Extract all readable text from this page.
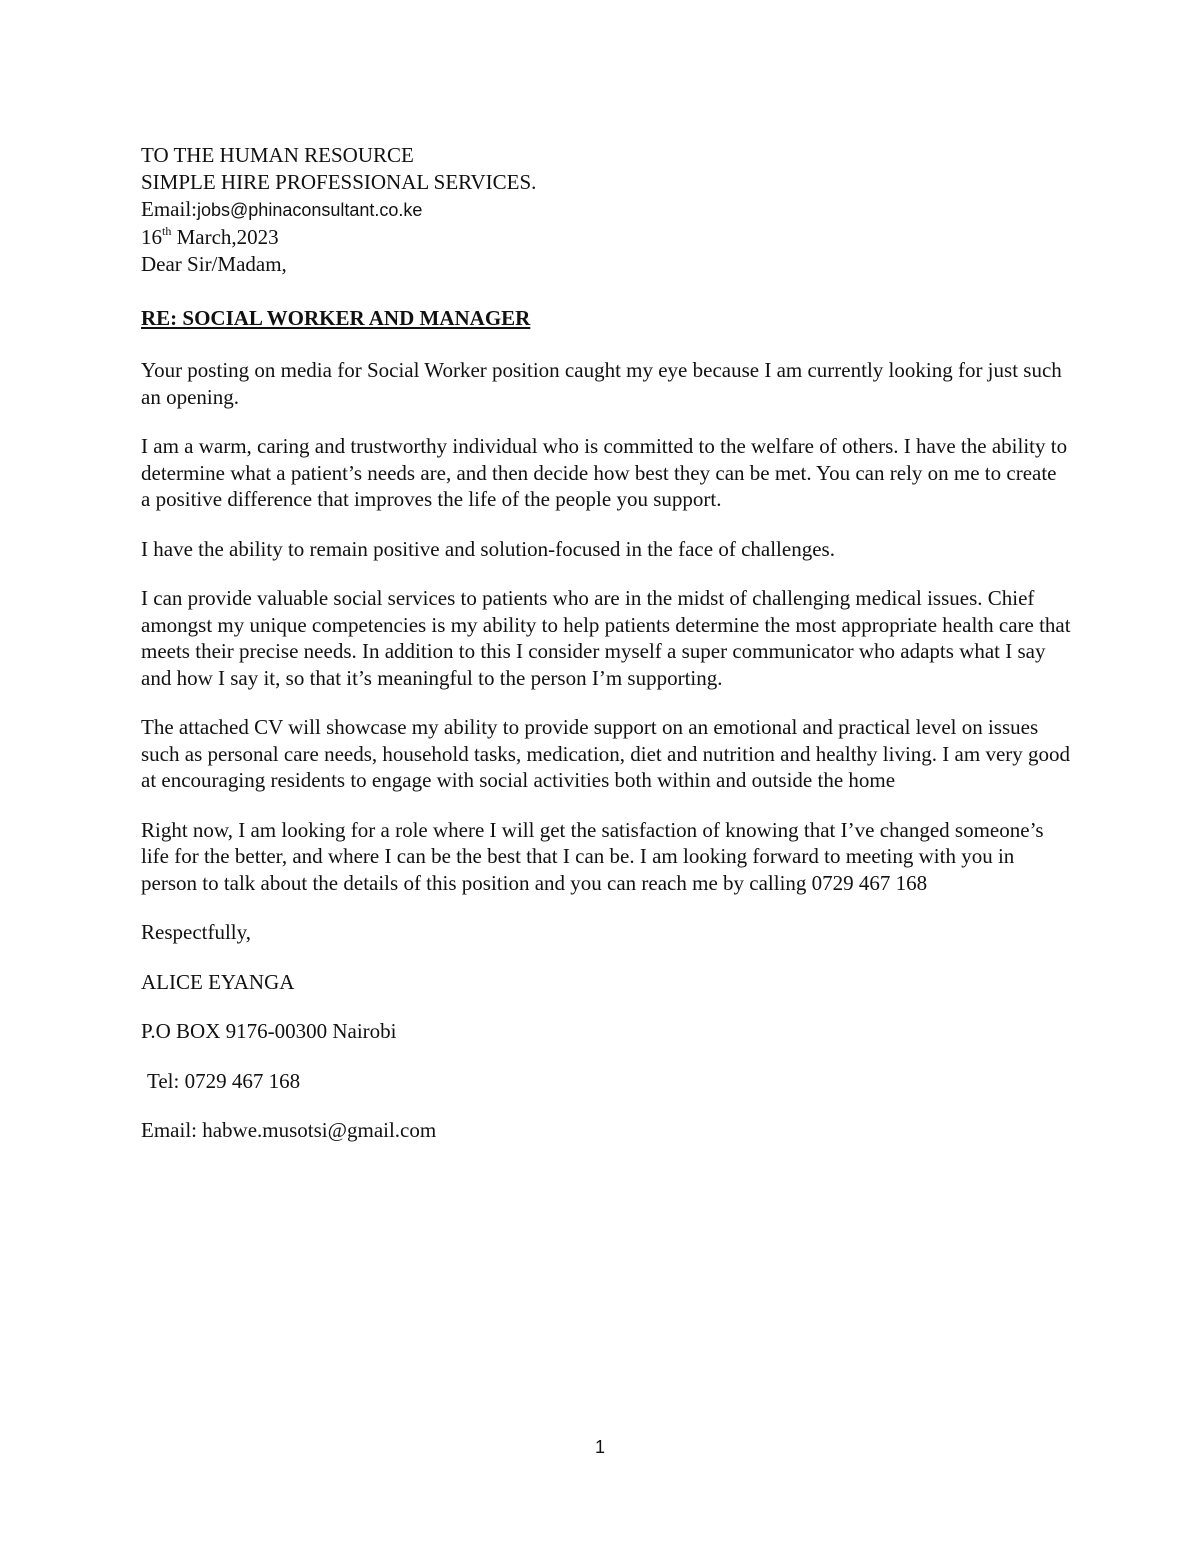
TO THE HUMAN RESOURCE
SIMPLE HIRE PROFESSIONAL SERVICES.
Email:jobs@phinaconsultant.co.ke
16th March,2023
Dear Sir/Madam,
RE: SOCIAL WORKER AND MANAGER
Your posting on media for Social Worker position caught my eye because I am currently looking for just such an opening.
I am a warm, caring and trustworthy individual who is committed to the welfare of others. I have the ability to determine what a patient’s needs are, and then decide how best they can be met. You can rely on me to create a positive difference that improves the life of the people you support.
I have the ability to remain positive and solution-focused in the face of challenges.
I can provide valuable social services to patients who are in the midst of challenging medical issues. Chief amongst my unique competencies is my ability to help patients determine the most appropriate health care that meets their precise needs. In addition to this I consider myself a super communicator who adapts what I say and how I say it, so that it’s meaningful to the person I’m supporting.
The attached CV will showcase my ability to provide support on an emotional and practical level on issues such as personal care needs, household tasks, medication, diet and nutrition and healthy living. I am very good at encouraging residents to engage with social activities both within and outside the home
Right now, I am looking for a role where I will get the satisfaction of knowing that I’ve changed someone’s life for the better, and where I can be the best that I can be. I am looking forward to meeting with you in person to talk about the details of this position and you can reach me by calling 0729 467 168
Respectfully,
ALICE EYANGA
P.O BOX 9176-00300 Nairobi
Tel: 0729 467 168
Email: habwe.musotsi@gmail.com
1
